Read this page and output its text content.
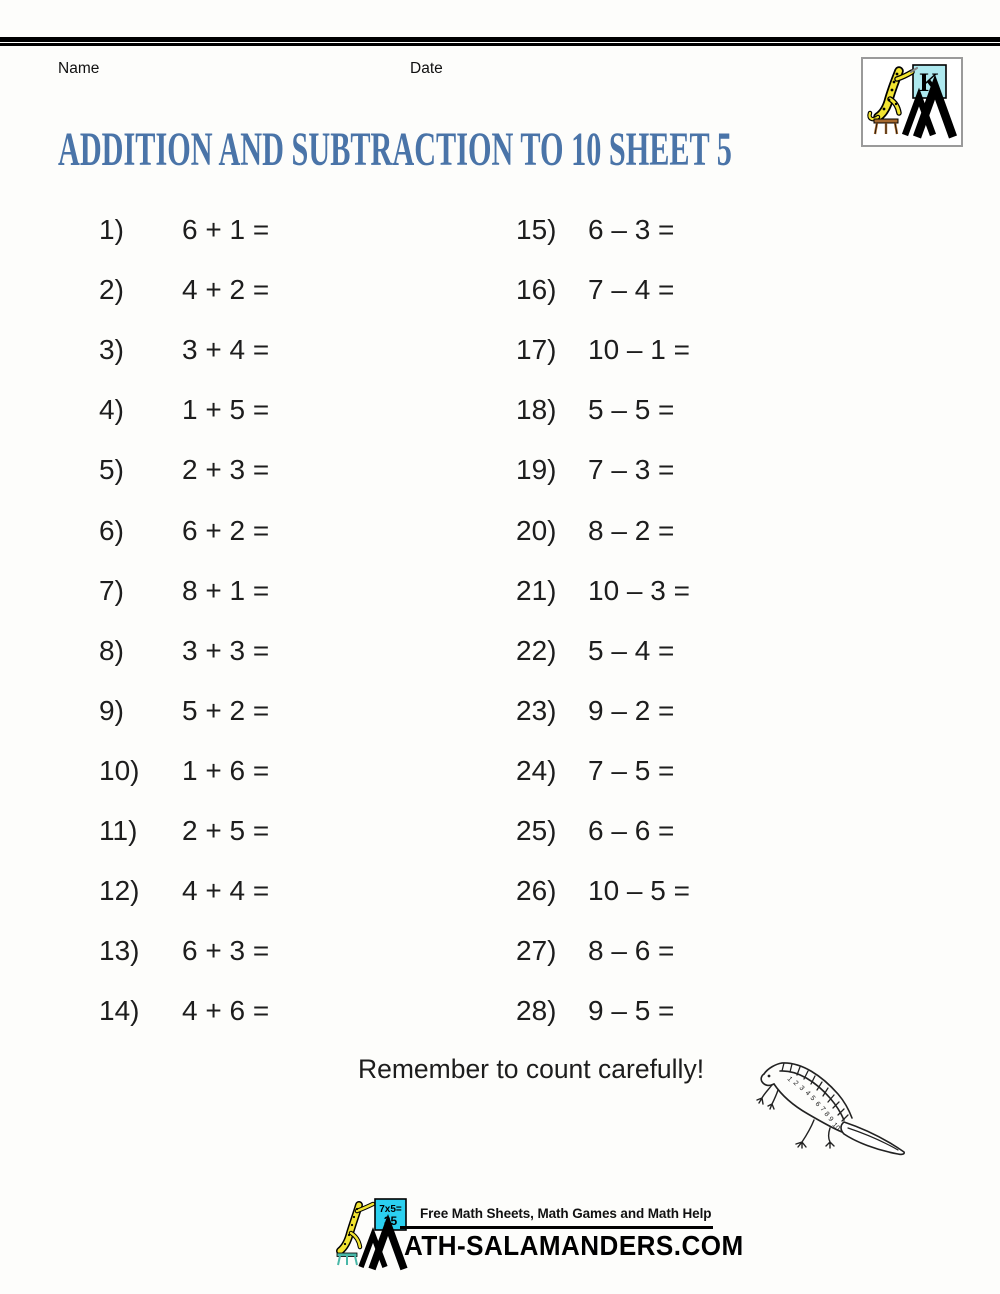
Name	Date	K
ADDITION AND SUBTRACTION TO 10 SHEET 5
1)	6 + 1 =
2)	4 + 2 =
3)	3 + 4 =
4)	1 + 5 =
5)	2 + 3 =
6)	6 + 2 =
7)	8 + 1 =
8)	3 + 3 =
9)	5 + 2 =
10)	1 + 6 =
11)	2 + 5 =
12)	4 + 4 =
13)	6 + 3 =
14)	4 + 6 =
15)	6 – 3 =
16)	7 – 4 =
17)	10 – 1 =
18)	5 – 5 =
19)	7 – 3 =
20)	8 – 2 =
21)	10 – 3 =
22)	5 – 4 =
23)	9 – 2 =
24)	7 – 5 =
25)	6 – 6 =
26)	10 – 5 =
27)	8 – 6 =
28)	9 – 5 =
Remember to count carefully!	1
2
3
4
5
6
7
8
9
10
7x5=
35 Free Math Sheets, Math Games and Math Help
ATH-SALAMANDERS.COM
